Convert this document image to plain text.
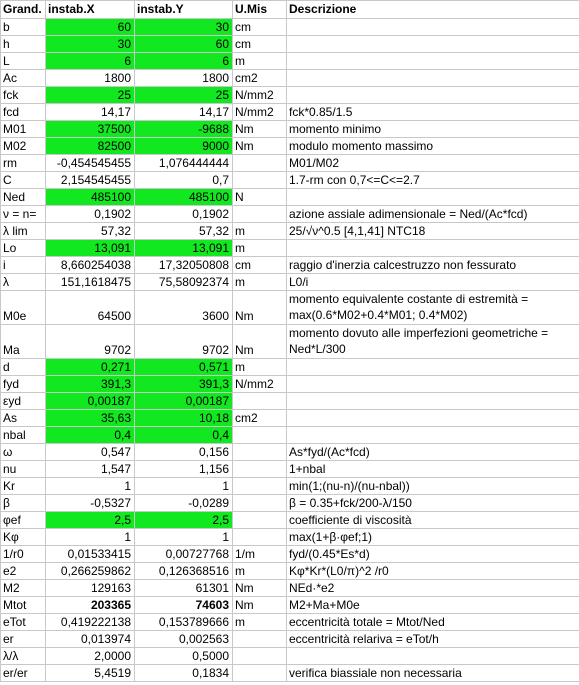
Grand.	instab.X	instab.Y	U.Mis	Descrizione
b	60	30	cm	
h	30	60	cm	
L	6	6	m	
Ac	1800	1800	cm2	
fck	25	25	N/mm2	
fcd	14,17	14,17	N/mm2	fck*0.85/1.5
M01	37500	-9688	Nm	momento minimo
M02	82500	9000	Nm	modulo momento massimo
rm	-0,454545455	1,076444444		M01/M02
C	2,154545455	0,7		1.7-rm con 0,7<=C<=2.7
Ned	485100	485100	N	
ν = n=	0,1902	0,1902		azione assiale adimensionale = Ned/(Ac*fcd)
λ lim	57,32	57,32	m	25/√ν^0.5 [4,1,41] NTC18
Lo	13,091	13,091	m	
i	8,660254038	17,32050808	cm	raggio d'inerzia calcestruzzo non fessurato
λ	151,1618475	75,58092374	m	L0/i
M0e	64500	3600	Nm	momento equivalente costante di estremità = max(0.6*M02+0.4*M01; 0.4*M02)
Ma	9702	9702	Nm	momento dovuto alle imperfezioni geometriche = Ned*L/300
d	0,271	0,571	m	
fyd	391,3	391,3	N/mm2	
εyd	0,00187	0,00187		
As	35,63	10,18	cm2	
nbal	0,4	0,4		
ω	0,547	0,156		As*fyd/(Ac*fcd)
nu	1,547	1,156		1+nbal
Kr	1	1		min(1;(nu-n)/(nu-nbal))
β	-0,5327	-0,0289		β = 0.35+fck/200-λ/150
φef	2,5	2,5		coefficiente di viscosità
Kφ	1	1		max(1+β·φef;1)
1/r0	0,01533415	0,00727768	1/m	fyd/(0.45*Es*d)
e2	0,266259862	0,126368516	m	Kφ*Kr*(L0/π)^2 /r0
M2	129163	61301	Nm	NEd·*e2
Mtot	203365	74603	Nm	M2+Ma+M0e
eTot	0,419222138	0,153789666	m	eccentricità totale = Mtot/Ned
er	0,013974	0,002563		eccentricità relariva = eTot/h
λ/λ	2,0000	0,5000		
er/er	5,4519	0,1834		verifica biassiale non necessaria
